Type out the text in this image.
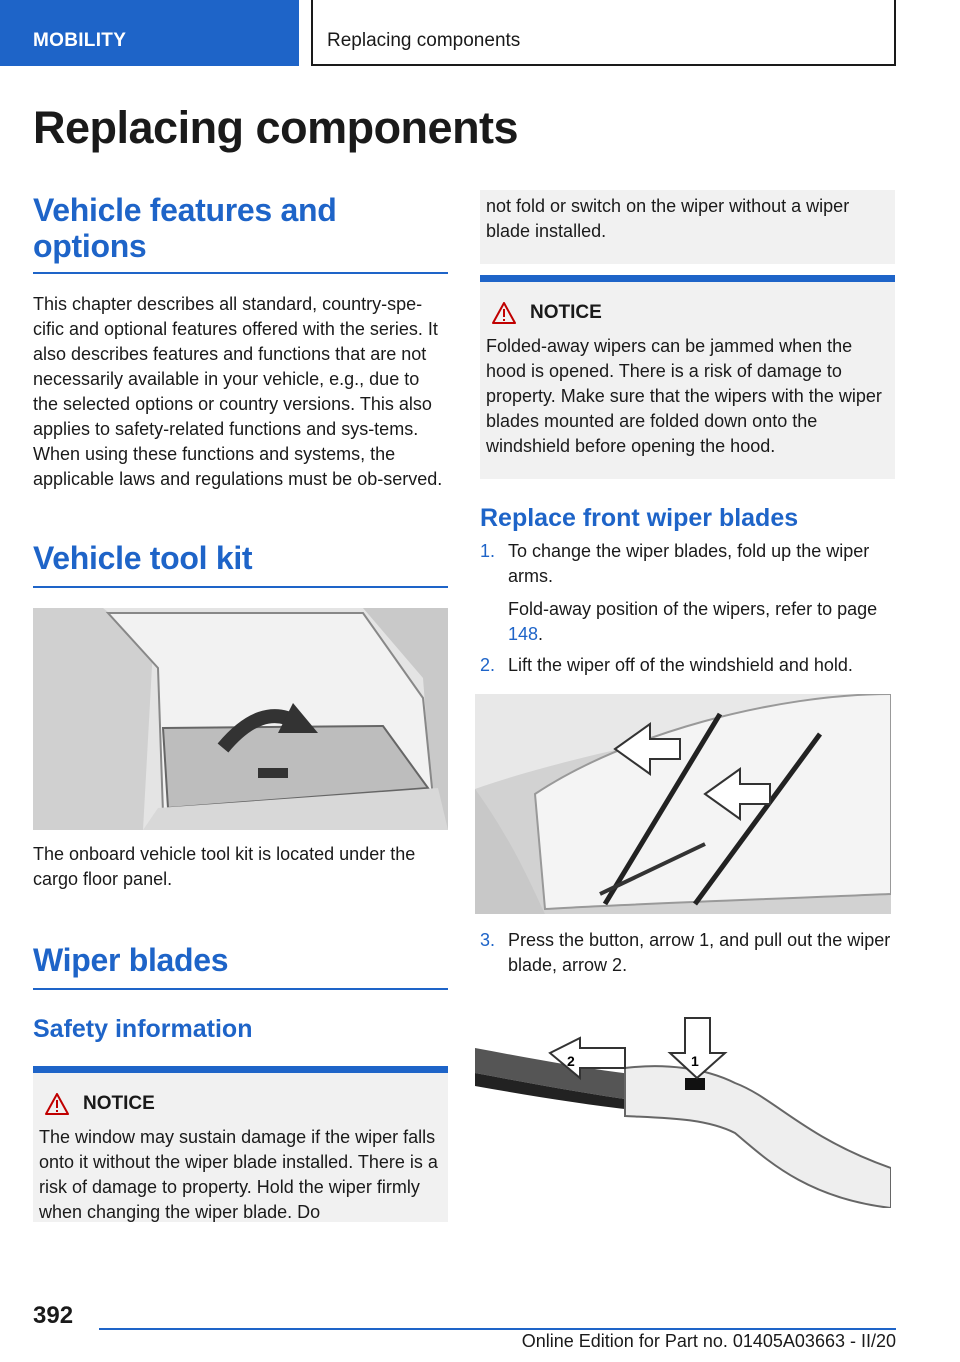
MOBILITY	Replacing components
Replacing components
Vehicle features and options

This chapter describes all standard, country-spe-cific and optional features offered with the series. It also describes features and functions that are not necessarily available in your vehicle, e.g., due to the selected options or country versions. This also applies to safety-related functions and sys-tems. When using these functions and systems, the applicable laws and regulations must be ob-served.

Vehicle tool kit

The onboard vehicle tool kit is located under the cargo floor panel.

Wiper blades
Safety information
NOTICE

The window may sustain damage if the wiper falls onto it without the wiper blade installed. There is a risk of damage to property. Hold the wiper firmly when changing the wiper blade. Do

not fold or switch on the wiper without a wiper blade installed.

NOTICE

Folded-away wipers can be jammed when the hood is opened. There is a risk of damage to property. Make sure that the wipers with the wiper blades mounted are folded down onto the windshield before opening the hood.

Replace front wiper blades
1. To change the wiper blades, fold up the wiper arms.
Fold-away position of the wipers, refer to page 148.
2. Lift the wiper off of the windshield and hold.
3. Press the button, arrow 1, and pull out the wiper blade, arrow 2.
1
2
392
Online Edition for Part no. 01405A03663 - II/20
